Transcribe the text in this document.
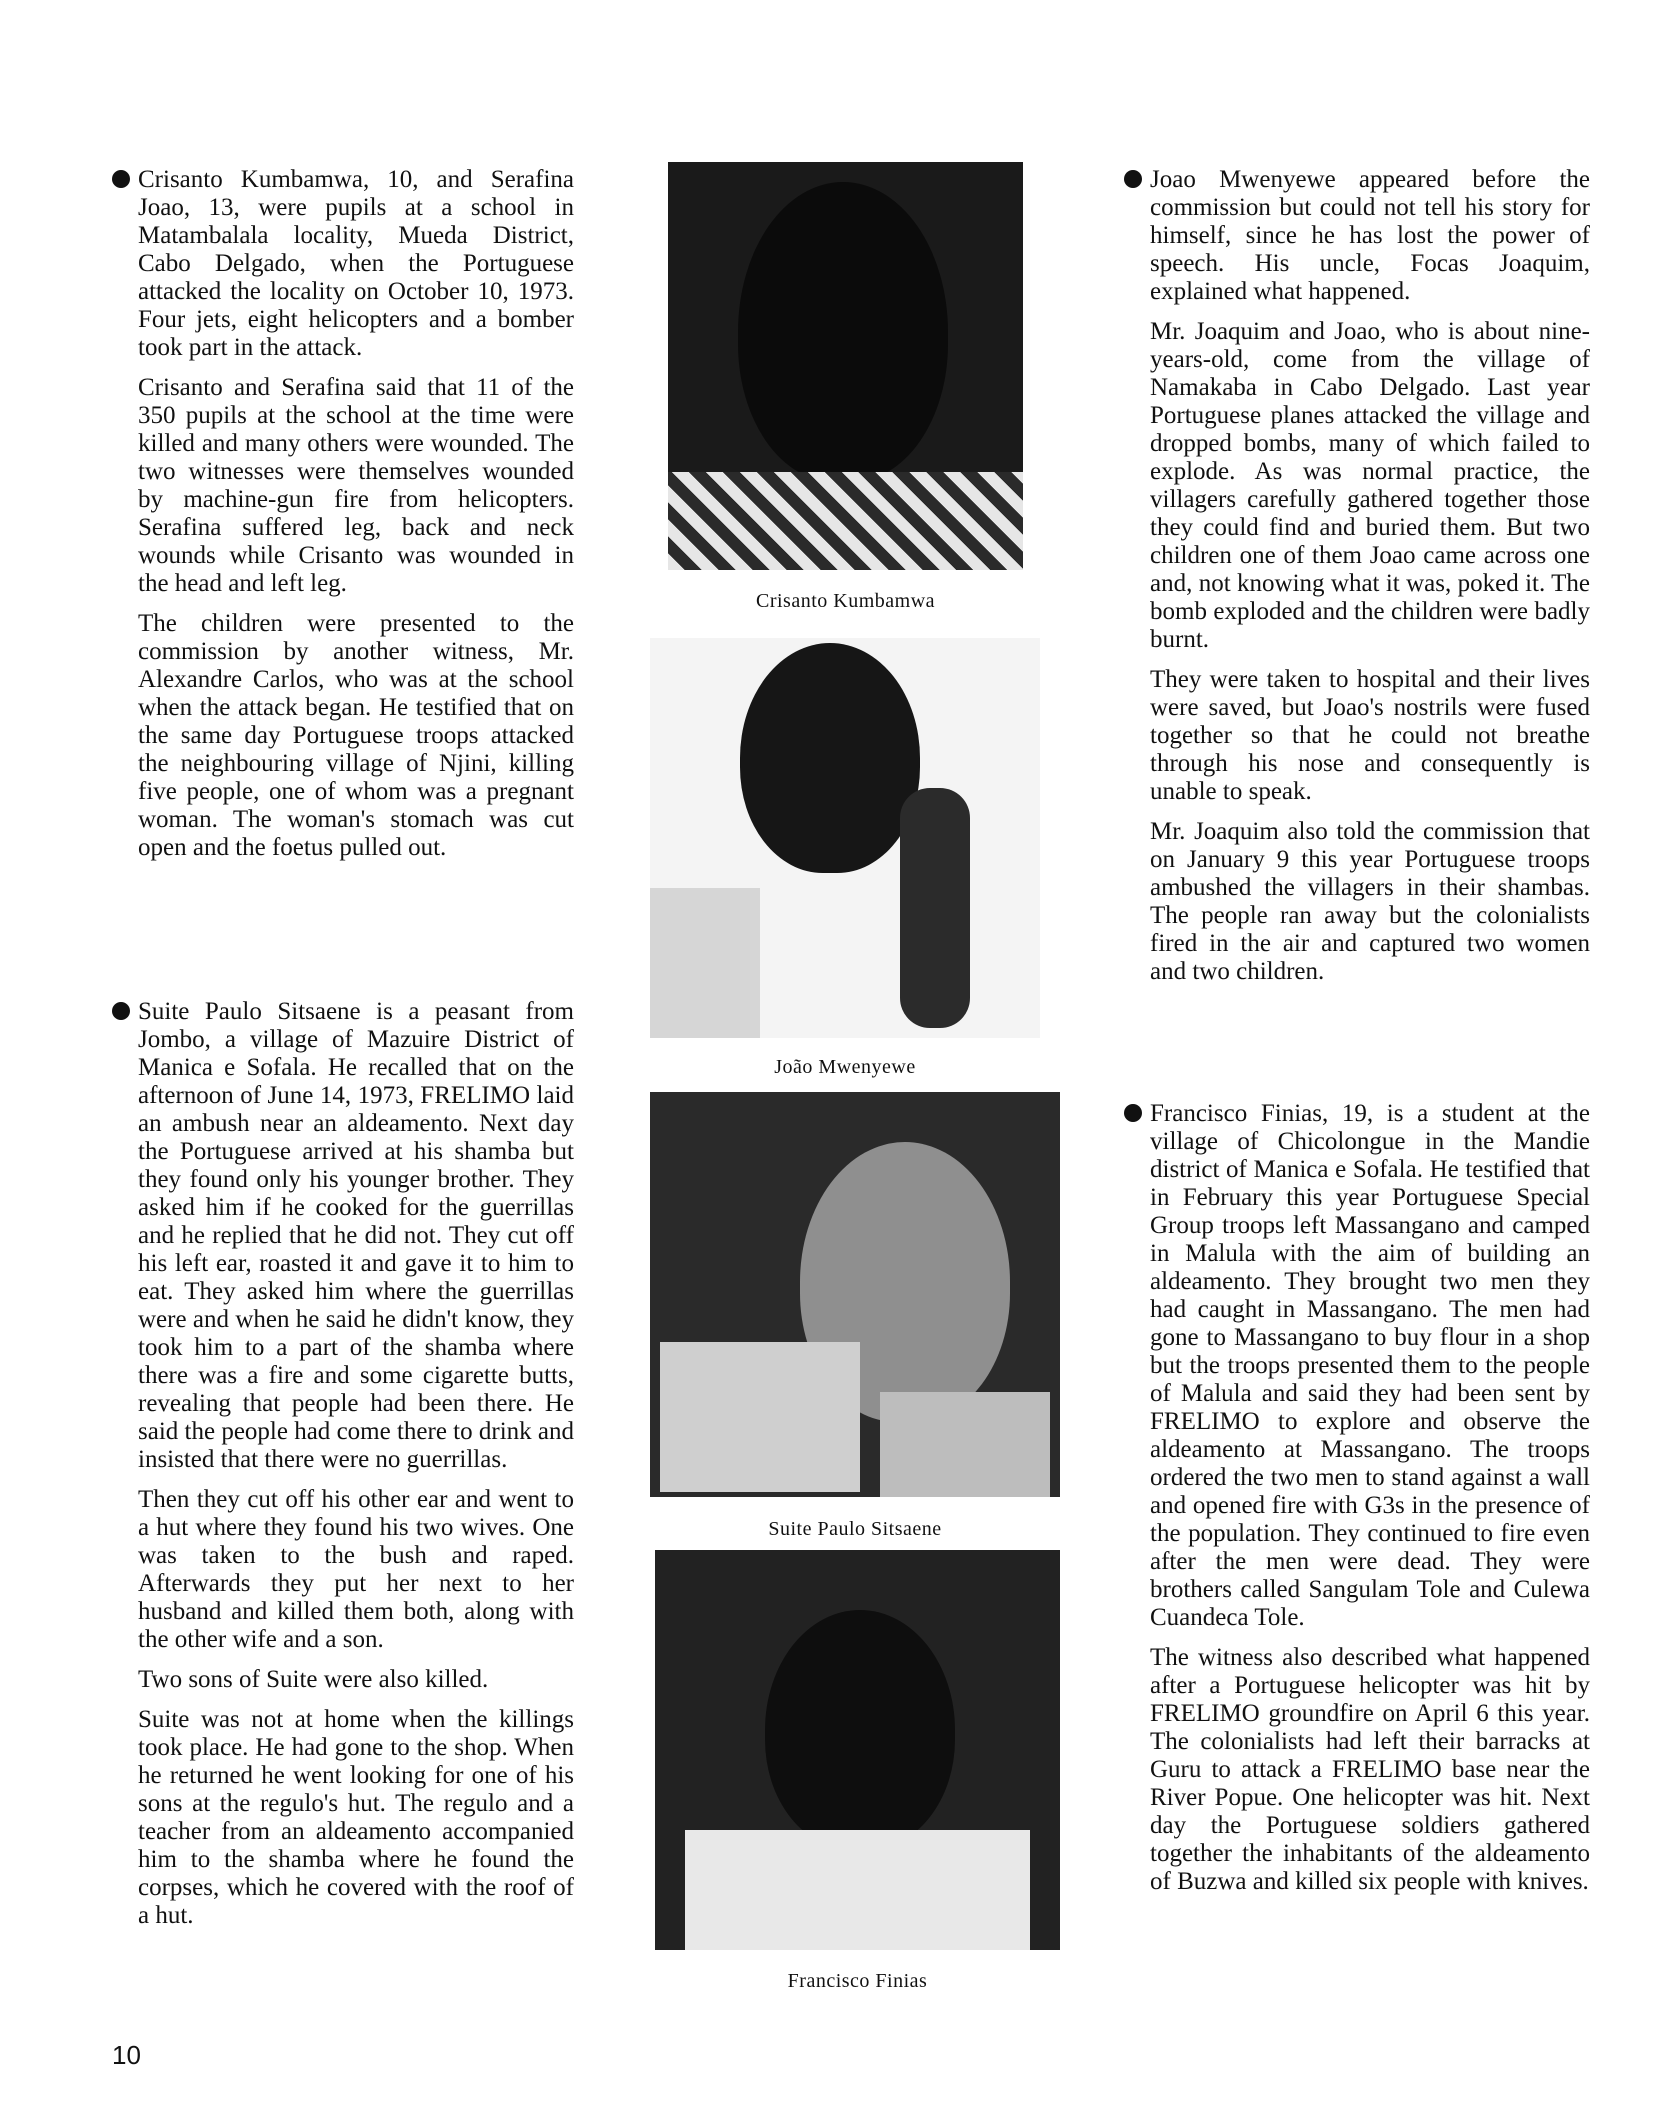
Crisanto Kumbamwa, 10, and Serafina Joao, 13, were pupils at a school in Matambalala locality, Mueda District, Cabo Delgado, when the Portuguese attacked the locality on October 10, 1973. Four jets, eight helicopters and a bomber took part in the attack.

Crisanto and Serafina said that 11 of the 350 pupils at the school at the time were killed and many others were wounded. The two witnesses were themselves wounded by machine-gun fire from helicopters. Serafina suffered leg, back and neck wounds while Crisanto was wounded in the head and left leg.

The children were presented to the commission by another witness, Mr. Alexandre Carlos, who was at the school when the attack began. He testified that on the same day Portuguese troops attacked the neighbouring village of Njini, killing five people, one of whom was a pregnant woman. The woman's stomach was cut open and the foetus pulled out.

Suite Paulo Sitsaene is a peasant from Jombo, a village of Mazuire District of Manica e Sofala. He recalled that on the afternoon of June 14, 1973, FRELIMO laid an ambush near an aldeamento. Next day the Portuguese arrived at his shamba but they found only his younger brother. They asked him if he cooked for the guerrillas and he replied that he did not. They cut off his left ear, roasted it and gave it to him to eat. They asked him where the guerrillas were and when he said he didn't know, they took him to a part of the shamba where there was a fire and some cigarette butts, revealing that people had been there. He said the people had come there to drink and insisted that there were no guerrillas.

Then they cut off his other ear and went to a hut where they found his two wives. One was taken to the bush and raped. Afterwards they put her next to her husband and killed them both, along with the other wife and a son.

Two sons of Suite were also killed.

Suite was not at home when the killings took place. He had gone to the shop. When he returned he went looking for one of his sons at the regulo's hut. The regulo and a teacher from an aldeamento accompanied him to the shamba where he found the corpses, which he covered with the roof of a hut.

Joao Mwenyewe appeared before the commission but could not tell his story for himself, since he has lost the power of speech. His uncle, Focas Joaquim, explained what happened.

Mr. Joaquim and Joao, who is about nine-years-old, come from the village of Namakaba in Cabo Delgado. Last year Portuguese planes attacked the village and dropped bombs, many of which failed to explode. As was normal practice, the villagers carefully gathered together those they could find and buried them. But two children one of them Joao came across one and, not knowing what it was, poked it. The bomb exploded and the children were badly burnt.

They were taken to hospital and their lives were saved, but Joao's nostrils were fused together so that he could not breathe through his nose and consequently is unable to speak.

Mr. Joaquim also told the commission that on January 9 this year Portuguese troops ambushed the villagers in their shambas. The people ran away but the colonialists fired in the air and captured two women and two children.

Francisco Finias, 19, is a student at the village of Chicolongue in the Mandie district of Manica e Sofala. He testified that in February this year Portuguese Special Group troops left Massangano and camped in Malula with the aim of building an aldeamento. They brought two men they had caught in Massangano. The men had gone to Massangano to buy flour in a shop but the troops presented them to the people of Malula and said they had been sent by FRELIMO to explore and observe the aldeamento at Massangano. The troops ordered the two men to stand against a wall and opened fire with G3s in the presence of the population. They continued to fire even after the men were dead. They were brothers called Sangulam Tole and Culewa Cuandeca Tole.

The witness also described what happened after a Portuguese helicopter was hit by FRELIMO groundfire on April 6 this year. The colonialists had left their barracks at Guru to attack a FRELIMO base near the River Popue. One helicopter was hit. Next day the Portuguese soldiers gathered together the inhabitants of the aldeamento of Buzwa and killed six people with knives.

Crisanto Kumbamwa
João Mwenyewe
Suite Paulo Sitsaene
Francisco Finias
10
